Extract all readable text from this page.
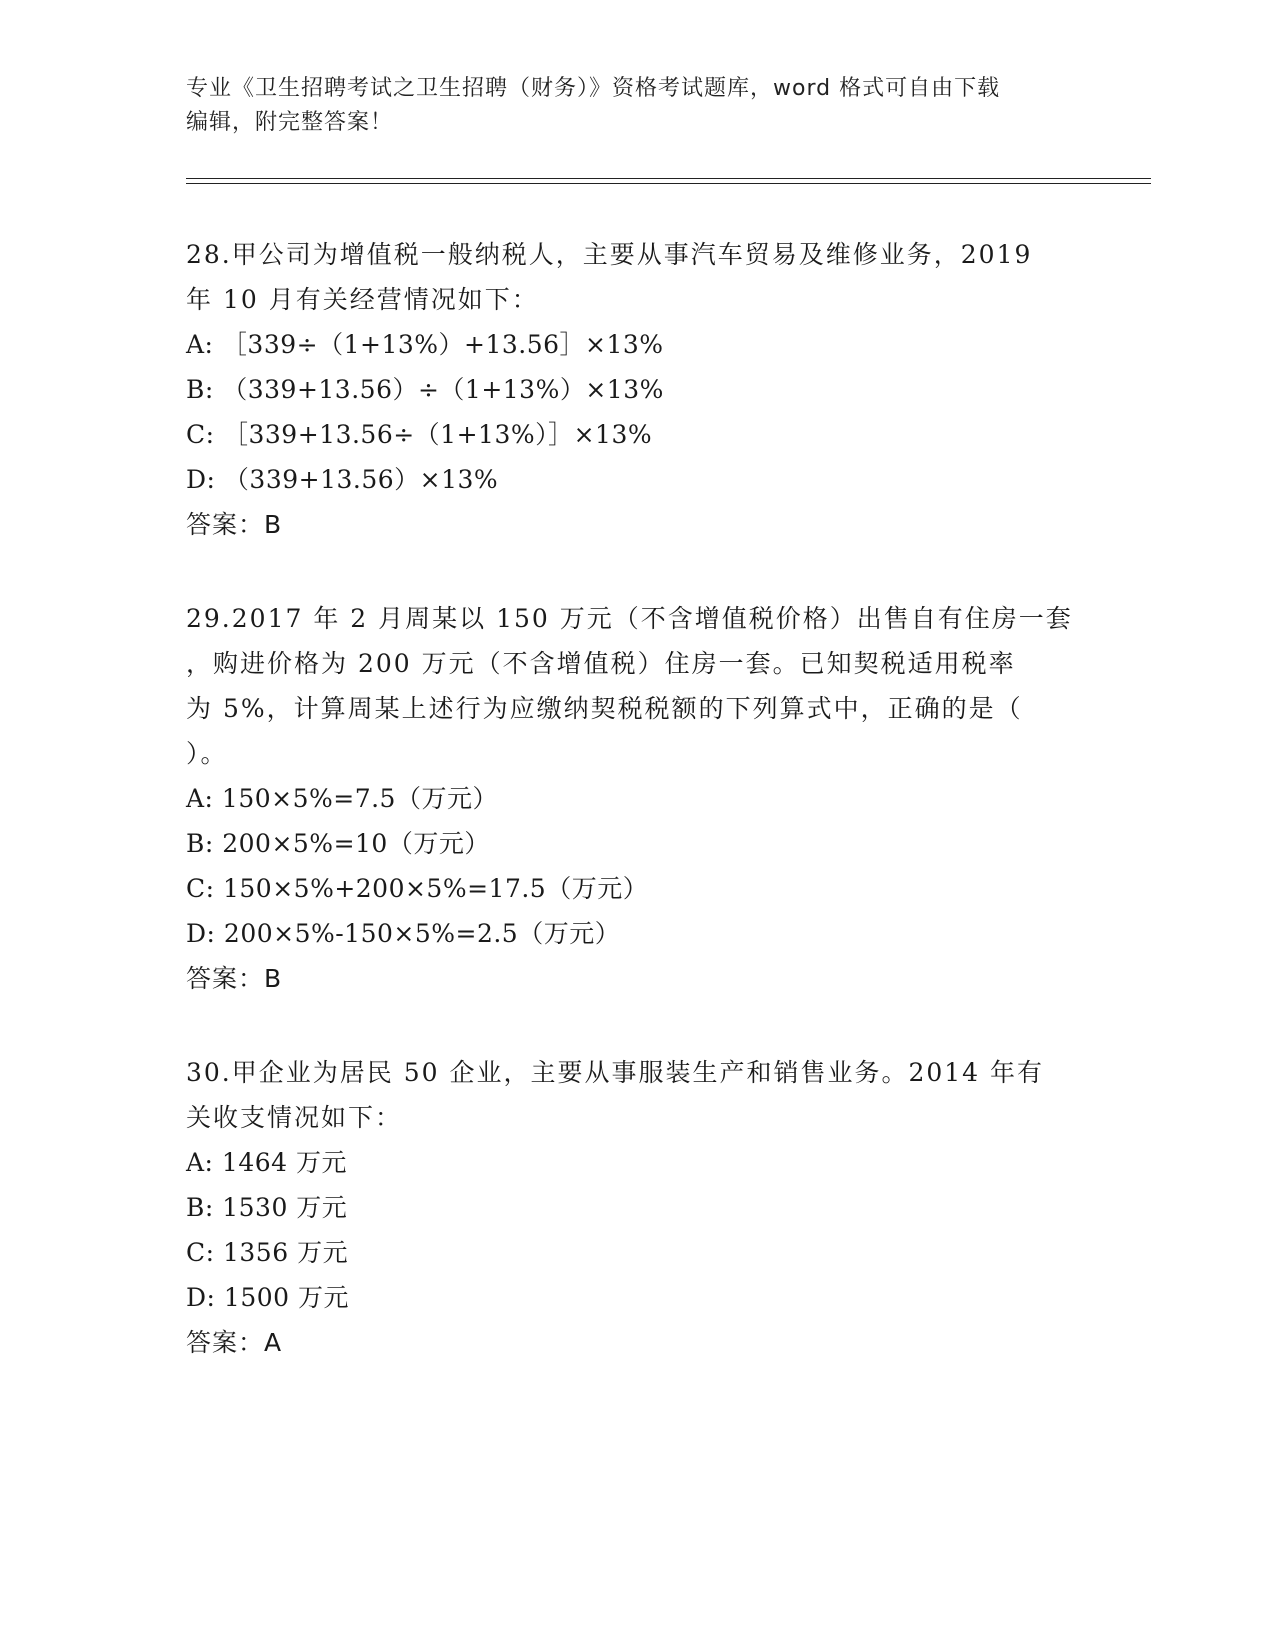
专业《卫生招聘考试之卫生招聘（财务）》资格考试题库，word 格式可自由下载
编辑，附完整答案！

28.甲公司为增值税一般纳税人，主要从事汽车贸易及维修业务，2019
年 10 月有关经营情况如下：

A: ［339÷（1+13%）+13.56］×13%

B: （339+13.56）÷（1+13%）×13%

C: ［339+13.56÷（1+13%）］×13%

D: （339+13.56）×13%

答案：B

29.2017 年 2 月周某以 150 万元（不含增值税价格）出售自有住房一套
，购进价格为 200 万元（不含增值税）住房一套。已知契税适用税率
为 5%，计算周某上述行为应缴纳契税税额的下列算式中，正确的是（
）。

A: 150×5%=7.5（万元）

B: 200×5%=10（万元）

C: 150×5%+200×5%=17.5（万元）

D: 200×5%-150×5%=2.5（万元）

答案：B

30.甲企业为居民 50 企业，主要从事服装生产和销售业务。2014 年有
关收支情况如下：

A: 1464 万元

B: 1530 万元

C: 1356 万元

D: 1500 万元

答案：A
